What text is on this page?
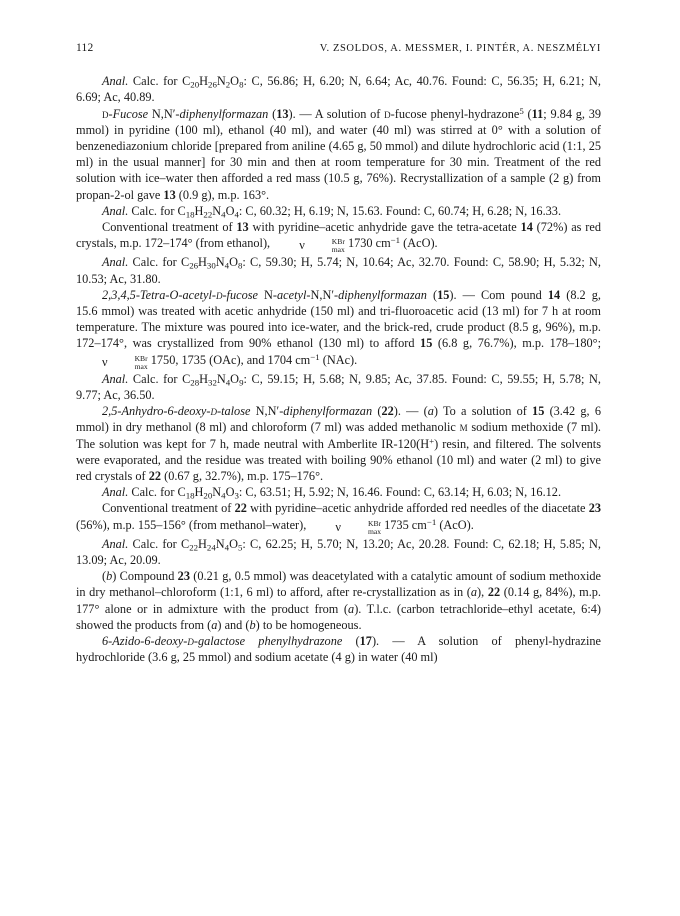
112	V. ZSOLDOS, A. MESSMER, I. PINTÉR, A. NESZMÉLYI

Anal. Calc. for $C_{20}H_{26}N_2O_8$: C, 56.86; H, 6.20; N, 6.64; Ac, 40.76. Found: C, 56.35; H, 6.21; N, 6.69; Ac, 40.89.

d-Fucose N,N′-diphenylformazan (13). — A solution of d-fucose phenyl-hydrazone$^5$ (11; 9.84 g, 39 mmol) in pyridine (100 ml), ethanol (40 ml), and water (40 ml) was stirred at 0° with a solution of benzenediazonium chloride [prepared from aniline (4.65 g, 50 mmol) and dilute hydrochloric acid (1:1, 25 ml) in the usual manner] for 30 min and then at room temperature for 30 min. Treatment of the red solution with ice–water then afforded a red mass (10.5 g, 76%). Recrystallization of a sample (2 g) from propan-2-ol gave 13 (0.9 g), m.p. 163°.

Anal. Calc. for $C_{18}H_{22}N_4O_4$: C, 60.32; H, 6.19; N, 15.63. Found: C, 60.74; H, 6.28; N, 16.33.

Conventional treatment of 13 with pyridine–acetic anhydride gave the tetra-acetate 14 (72%) as red crystals, m.p. 172–174° (from ethanol), ν	KBr
max 1730 $cm^{-1}$ (AcO).

Anal. Calc. for $C_{26}H_{30}N_4O_8$: C, 59.30; H, 5.74; N, 10.64; Ac, 32.70. Found: C, 58.90; H, 5.32; N, 10.53; Ac, 31.80.

2,3,4,5-Tetra-O-acetyl-d-fucose N-acetyl-N,N′-diphenylformazan (15). — Com pound 14 (8.2 g, 15.6 mmol) was treated with acetic anhydride (150 ml) and tri-fluoroacetic acid (13 ml) for 7 h at room temperature. The mixture was poured into ice-water, and the brick-red, crude product (8.5 g, 96%), m.p. 172–174°, was crystallized from 90% ethanol (130 ml) to afford 15 (6.8 g, 76.7%), m.p. 178–180°; ν	KBr
max 1750, 1735 (OAc), and 1704 $cm^{-1}$ (NAc).

Anal. Calc. for $C_{28}H_{32}N_4O_9$: C, 59.15; H, 5.68; N, 9.85; Ac, 37.85. Found: C, 59.55; H, 5.78; N, 9.77; Ac, 36.50.

2,5-Anhydro-6-deoxy-d-talose N,N′-diphenylformazan (22). — (a) To a solution of 15 (3.42 g, 6 mmol) in dry methanol (8 ml) and chloroform (7 ml) was added methanolic m sodium methoxide (7 ml). The solution was kept for 7 h, made neutral with Amberlite IR-120(H+) resin, and filtered. The solvents were evaporated, and the residue was treated with boiling 90% ethanol (10 ml) and water (2 ml) to give red crystals of 22 (0.67 g, 32.7%), m.p. 175–176°.

Anal. Calc. for $C_{18}H_{20}N_4O_3$: C, 63.51; H, 5.92; N, 16.46. Found: C, 63.14; H, 6.03; N, 16.12.

Conventional treatment of 22 with pyridine–acetic anhydride afforded red needles of the diacetate 23 (56%), m.p. 155–156° (from methanol–water), ν	KBr
max 1735 $cm^{-1}$ (AcO).

Anal. Calc. for $C_{22}H_{24}N_4O_5$: C, 62.25; H, 5.70; N, 13.20; Ac, 20.28. Found: C, 62.18; H, 5.85; N, 13.09; Ac, 20.09.

(b) Compound 23 (0.21 g, 0.5 mmol) was deacetylated with a catalytic amount of sodium methoxide in dry methanol–chloroform (1:1, 6 ml) to afford, after re-crystallization as in (a), 22 (0.14 g, 84%), m.p. 177° alone or in admixture with the product from (a). T.l.c. (carbon tetrachloride–ethyl acetate, 6:4) showed the products from (a) and (b) to be homogeneous.

6-Azido-6-deoxy-d-galactose phenylhydrazone (17). — A solution of phenyl-hydrazine hydrochloride (3.6 g, 25 mmol) and sodium acetate (4 g) in water (40 ml)
